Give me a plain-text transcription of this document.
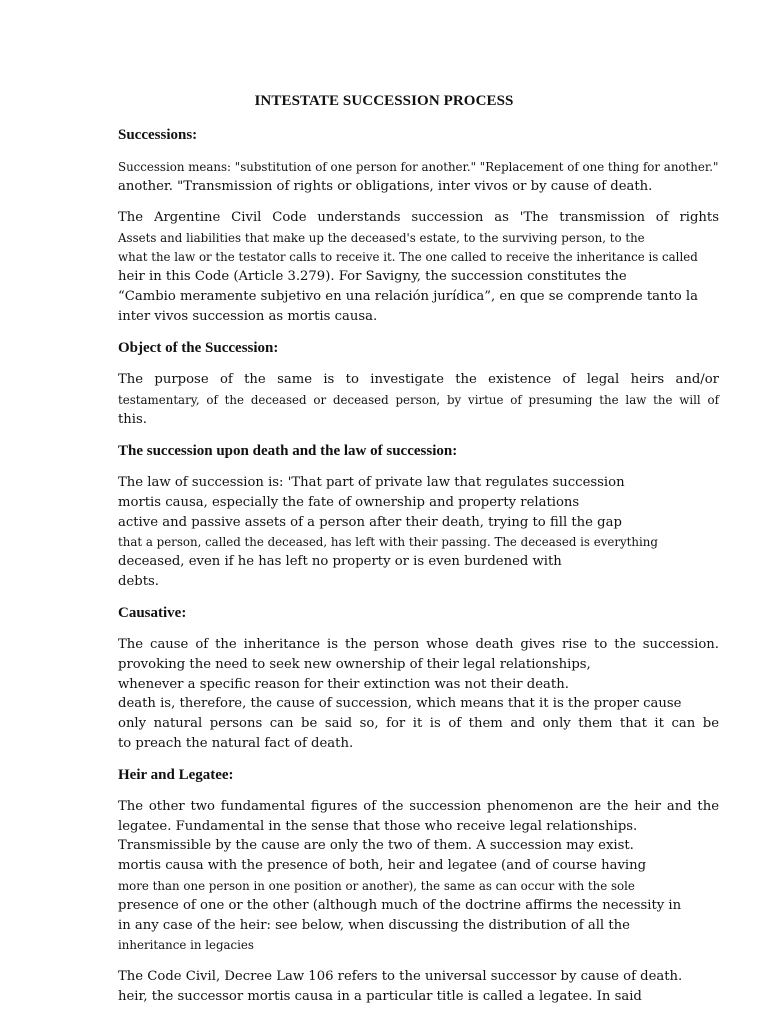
INTESTATE SUCCESSION PROCESS
Successions:
Succession means: "substitution of one person for another." "Replacement of one thing for another."
another. "Transmission of rights or obligations, inter vivos or by cause of death.
The Argentine Civil Code understands succession as 'The transmission of rights
Assets and liabilities that make up the deceased's estate, to the surviving person, to the
what the law or the testator calls to receive it. The one called to receive the inheritance is called
heir in this Code (Article 3.279). For Savigny, the succession constitutes the
“Cambio meramente subjetivo en una relación jurídica”, en que se comprende tanto la
inter vivos succession as mortis causa.
Object of the Succession:
The purpose of the same is to investigate the existence of legal heirs and/or
testamentary, of the deceased or deceased person, by virtue of presuming the law the will of
this.
The succession upon death and the law of succession:
The law of succession is: 'That part of private law that regulates succession
mortis causa, especially the fate of ownership and property relations
active and passive assets of a person after their death, trying to fill the gap
that a person, called the deceased, has left with their passing. The deceased is everything
deceased, even if he has left no property or is even burdened with
debts.
Causative:
The cause of the inheritance is the person whose death gives rise to the succession.
provoking the need to seek new ownership of their legal relationships,
whenever a specific reason for their extinction was not their death.
death is, therefore, the cause of succession, which means that it is the proper cause
only natural persons can be said so, for it is of them and only them that it can be
to preach the natural fact of death.
Heir and Legatee:
The other two fundamental figures of the succession phenomenon are the heir and the
legatee. Fundamental in the sense that those who receive legal relationships.
Transmissible by the cause are only the two of them. A succession may exist.
mortis causa with the presence of both, heir and legatee (and of course having
more than one person in one position or another), the same as can occur with the sole
presence of one or the other (although much of the doctrine affirms the necessity in
in any case of the heir: see below, when discussing the distribution of all the
inheritance in legacies
The Code Civil, Decree Law 106 refers to the universal successor by cause of death.
heir, the successor mortis causa in a particular title is called a legatee. In said
